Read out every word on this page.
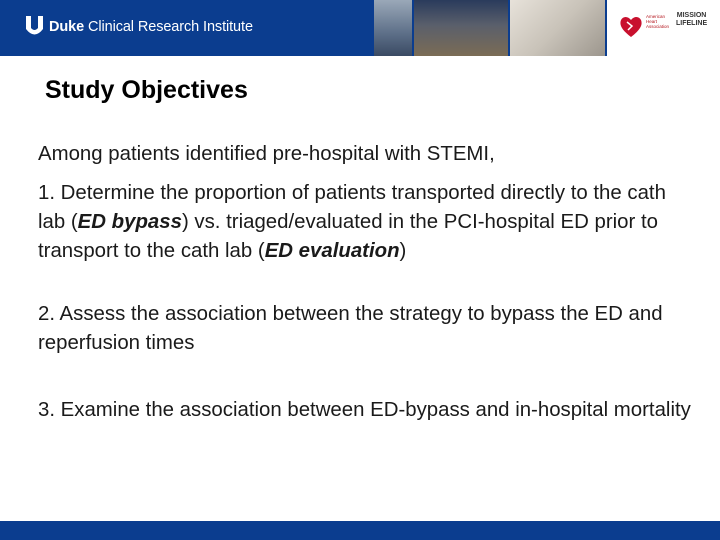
Duke Clinical Research Institute
American Heart Association
MISSION
LIFELINE
Study Objectives

Among patients identified pre-hospital with STEMI,

1. Determine the proportion of patients transported directly to the cath lab (ED bypass) vs. triaged/evaluated in the PCI-hospital ED prior to transport to the cath lab (ED evaluation)

2. Assess the association between the strategy to bypass the ED and reperfusion times

3. Examine the association between ED-bypass and in-hospital mortality
